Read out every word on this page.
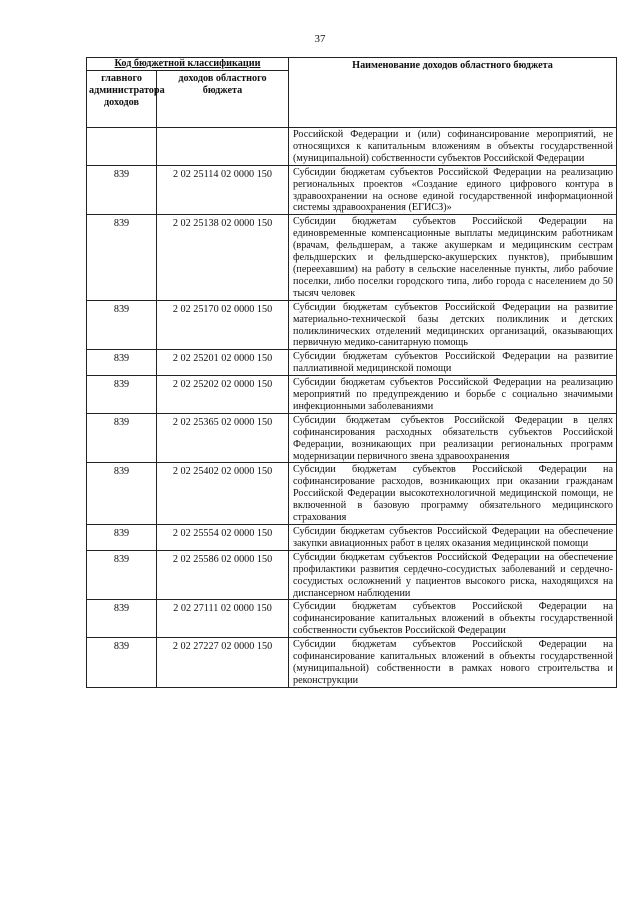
37
Код бюджетной классификации		Наименование доходов областного бюджета
главного администратора доходов	доходов областного бюджета	
		Российской Федерации и (или) софинансирование мероприятий, не относящихся к капитальным вложениям в объекты государственной (муниципальной) собственности субъектов Российской Федерации
839	2 02 25114 02 0000 150	Субсидии бюджетам субъектов Российской Федерации на реализацию региональных проектов «Создание единого цифрового контура в здравоохранении на основе единой государственной информационной системы здравоохранения (ЕГИСЗ)»
839	2 02 25138 02 0000 150	Субсидии бюджетам субъектов Российской Федерации на единовременные компенсационные выплаты медицинским работникам (врачам, фельдшерам, а также акушеркам и медицинским сестрам фельдшерских и фельдшерско-акушерских пунктов), прибывшим (переехавшим) на работу в сельские населенные пункты, либо рабочие поселки, либо поселки городского типа, либо города с населением до 50 тысяч человек
839	2 02 25170 02 0000 150	Субсидии бюджетам субъектов Российской Федерации на развитие материально-технической базы детских поликлиник и детских поликлинических отделений медицинских организаций, оказывающих первичную медико-санитарную помощь
839	2 02 25201 02 0000 150	Субсидии бюджетам субъектов Российской Федерации на развитие паллиативной медицинской помощи
839	2 02 25202 02 0000 150	Субсидии бюджетам субъектов Российской Федерации на реализацию мероприятий по предупреждению и борьбе с социально значимыми инфекционными заболеваниями
839	2 02 25365 02 0000 150	Субсидии бюджетам субъектов Российской Федерации в целях софинансирования расходных обязательств субъектов Российской Федерации, возникающих при реализации региональных программ модернизации первичного звена здравоохранения
839	2 02 25402 02 0000 150	Субсидии бюджетам субъектов Российской Федерации на софинансирование расходов, возникающих при оказании гражданам Российской Федерации высокотехнологичной медицинской помощи, не включенной в базовую программу обязательного медицинского страхования
839	2 02 25554 02 0000 150	Субсидии бюджетам субъектов Российской Федерации на обеспечение закупки авиационных работ в целях оказания медицинской помощи
839	2 02 25586 02 0000 150	Субсидии бюджетам субъектов Российской Федерации на обеспечение профилактики развития сердечно-сосудистых заболеваний и сердечно-сосудистых осложнений у пациентов высокого риска, находящихся на диспансерном наблюдении
839	2 02 27111 02 0000 150	Субсидии бюджетам субъектов Российской Федерации на софинансирование капитальных вложений в объекты государственной собственности субъектов Российской Федерации
839	2 02 27227 02 0000 150	Субсидии бюджетам субъектов Российской Федерации на софинансирование капитальных вложений в объекты государственной (муниципальной) собственности в рамках нового строительства и реконструкции
